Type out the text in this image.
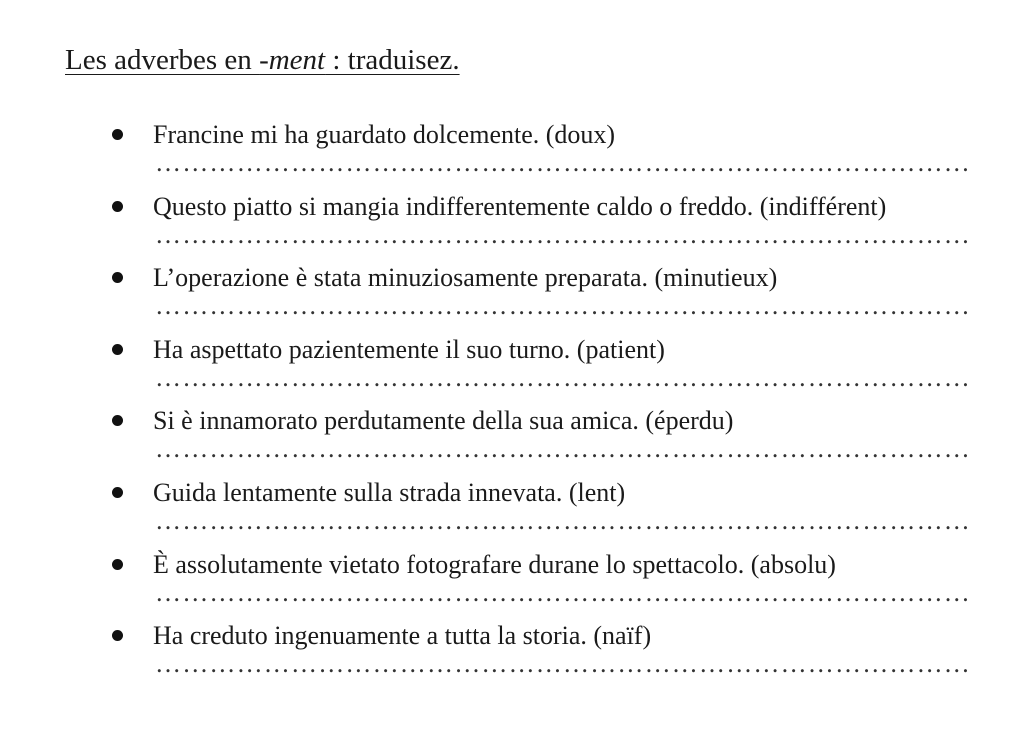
Les adverbes en -ment : traduisez.
Francine mi ha guardato dolcemente. (doux)
………………………………………………………………………………
Questo piatto si mangia indifferentemente caldo o freddo. (indifférent)
………………………………………………………………………………
L’operazione è stata minuziosamente preparata. (minutieux)
………………………………………………………………………………
Ha aspettato pazientemente il suo turno. (patient)
………………………………………………………………………………
Si è innamorato perdutamente della sua amica. (éperdu)
………………………………………………………………………………
Guida lentamente sulla strada innevata. (lent)
………………………………………………………………………………
È assolutamente vietato fotografare durane lo spettacolo. (absolu)
………………………………………………………………………………
Ha creduto ingenuamente a tutta la storia. (naïf)
………………………………………………………………………………
